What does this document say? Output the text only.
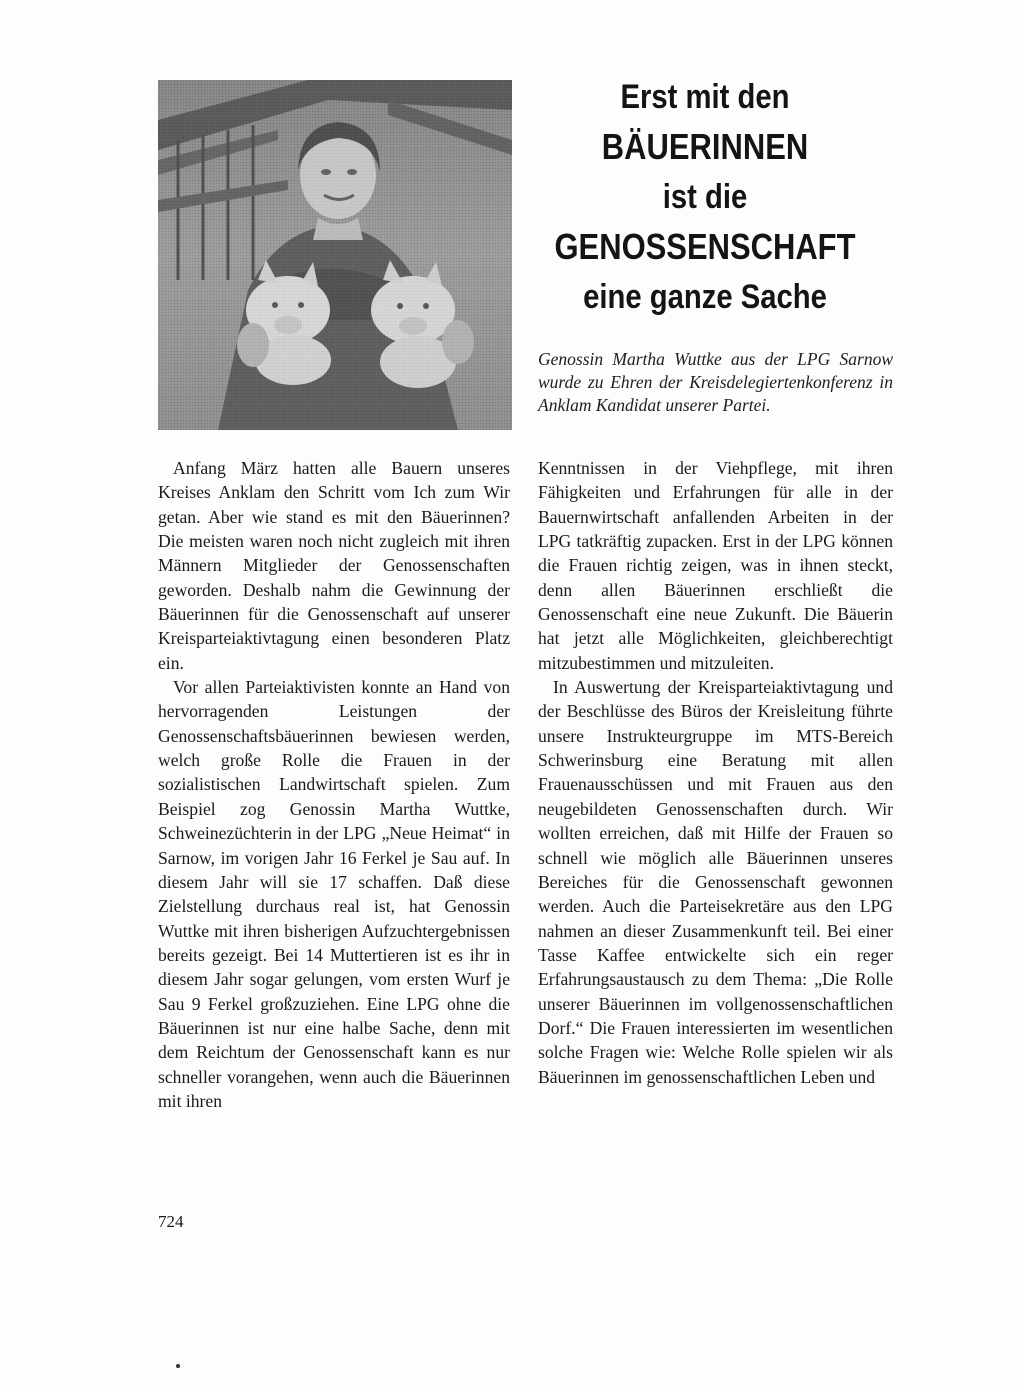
Erst mit den
BÄUERINNEN
ist die
GENOSSENSCHAFT
eine ganze Sache

Genossin Martha Wuttke aus der LPG Sarnow wurde zu Ehren der Kreisdelegiertenkonferenz in Anklam Kandidat unserer Partei.

Anfang März hatten alle Bauern unseres Kreises Anklam den Schritt vom Ich zum Wir getan. Aber wie stand es mit den Bäuerinnen? Die meisten waren noch nicht zugleich mit ihren Männern Mitglieder der Genossenschaften geworden. Deshalb nahm die Gewinnung der Bäuerinnen für die Genossenschaft auf unserer Kreisparteiaktivtagung einen besonderen Platz ein.

Vor allen Parteiaktivisten konnte an Hand von hervorragenden Leistungen der Genossenschaftsbäuerinnen bewiesen werden, welch große Rolle die Frauen in der sozialistischen Landwirtschaft spielen. Zum Beispiel zog Genossin Martha Wuttke, Schweinezüchterin in der LPG „Neue Heimat“ in Sarnow, im vorigen Jahr 16 Ferkel je Sau auf. In diesem Jahr will sie 17 schaffen. Daß diese Zielstellung durchaus real ist, hat Genossin Wuttke mit ihren bisherigen Aufzuchtergebnissen bereits gezeigt. Bei 14 Muttertieren ist es ihr in diesem Jahr sogar gelungen, vom ersten Wurf je Sau 9 Ferkel großzuziehen. Eine LPG ohne die Bäuerinnen ist nur eine halbe Sache, denn mit dem Reichtum der Genossenschaft kann es nur schneller vorangehen, wenn auch die Bäuerinnen mit ihren

Kenntnissen in der Viehpflege, mit ihren Fähigkeiten und Erfahrungen für alle in der Bauernwirtschaft anfallenden Arbeiten in der LPG tatkräftig zupacken. Erst in der LPG können die Frauen richtig zeigen, was in ihnen steckt, denn allen Bäuerinnen erschließt die Genossenschaft eine neue Zukunft. Die Bäuerin hat jetzt alle Möglichkeiten, gleichberechtigt mitzubestimmen und mitzuleiten.

In Auswertung der Kreisparteiaktivtagung und der Beschlüsse des Büros der Kreisleitung führte unsere Instrukteurgruppe im MTS-Bereich Schwerinsburg eine Beratung mit allen Frauenausschüssen und mit Frauen aus den neugebildeten Genossenschaften durch. Wir wollten erreichen, daß mit Hilfe der Frauen so schnell wie möglich alle Bäuerinnen unseres Bereiches für die Genossenschaft gewonnen werden. Auch die Parteisekretäre aus den LPG nahmen an dieser Zusammenkunft teil. Bei einer Tasse Kaffee entwickelte sich ein reger Erfahrungsaustausch zu dem Thema: „Die Rolle unserer Bäuerinnen im vollgenossenschaftlichen Dorf.“ Die Frauen interessierten im wesentlichen solche Fragen wie: Welche Rolle spielen wir als Bäuerinnen im genossenschaftlichen Leben und

724
